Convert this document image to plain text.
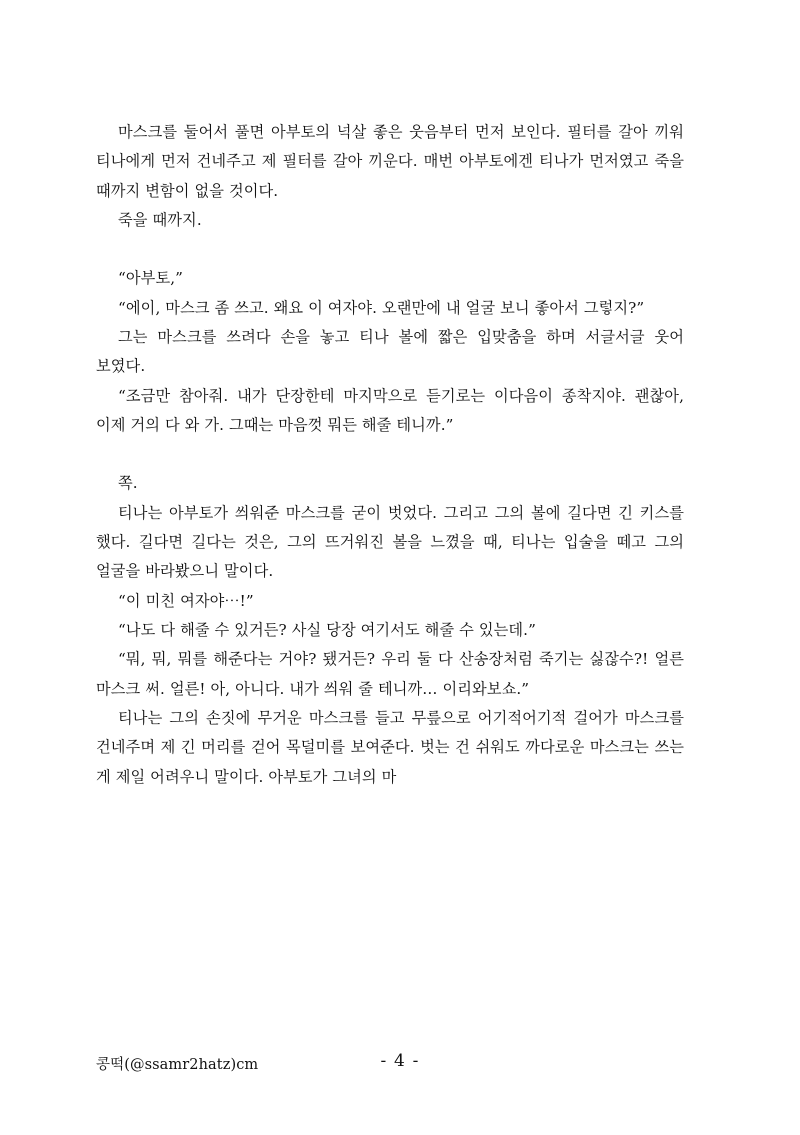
마스크를 둘어서 풀면 아부토의 넉살 좋은 웃음부터 먼저 보인다. 필터를 갈아 끼워 티나에게 먼저 건네주고 제 필터를 갈아 끼운다. 매번 아부토에겐 티나가 먼저였고 죽을 때까지 변함이 없을 것이다.

죽을 때까지.

“아부토,”

“에이, 마스크 좀 쓰고. 왜요 이 여자야. 오랜만에 내 얼굴 보니 좋아서 그렇지?”

그는 마스크를 쓰려다 손을 놓고 티나 볼에 짧은 입맞춤을 하며 서글서글 웃어 보였다.

“조금만 참아줘. 내가 단장한테 마지막으로 듣기로는 이다음이 종착지야. 괜찮아, 이제 거의 다 와 가. 그때는 마음껏 뭐든 해줄 테니까.”

쪽.

티나는 아부토가 씌워준 마스크를 굳이 벗었다. 그리고 그의 볼에 길다면 긴 키스를 했다. 길다면 길다는 것은, 그의 뜨거워진 볼을 느꼈을 때, 티나는 입술을 떼고 그의 얼굴을 바라봤으니 말이다.

“이 미친 여자야⋯!”

“나도 다 해줄 수 있거든? 사실 당장 여기서도 해줄 수 있는데.”

“뭐, 뭐, 뭐를 해준다는 거야? 됐거든? 우리 둘 다 산송장처럼 죽기는 싫잖수?! 얼른 마스크 써. 얼른! 아, 아니다. 내가 씌워 줄 테니까… 이리와보쇼.”

티나는 그의 손짓에 무거운 마스크를 들고 무릎으로 어기적어기적 걸어가 마스크를 건네주며 제 긴 머리를 걷어 목덜미를 보여준다. 벗는 건 쉬워도 까다로운 마스크는 쓰는 게 제일 어려우니 말이다. 아부토가 그녀의 마

콩떡(@ssamr2hatz)cm	- 4 -
